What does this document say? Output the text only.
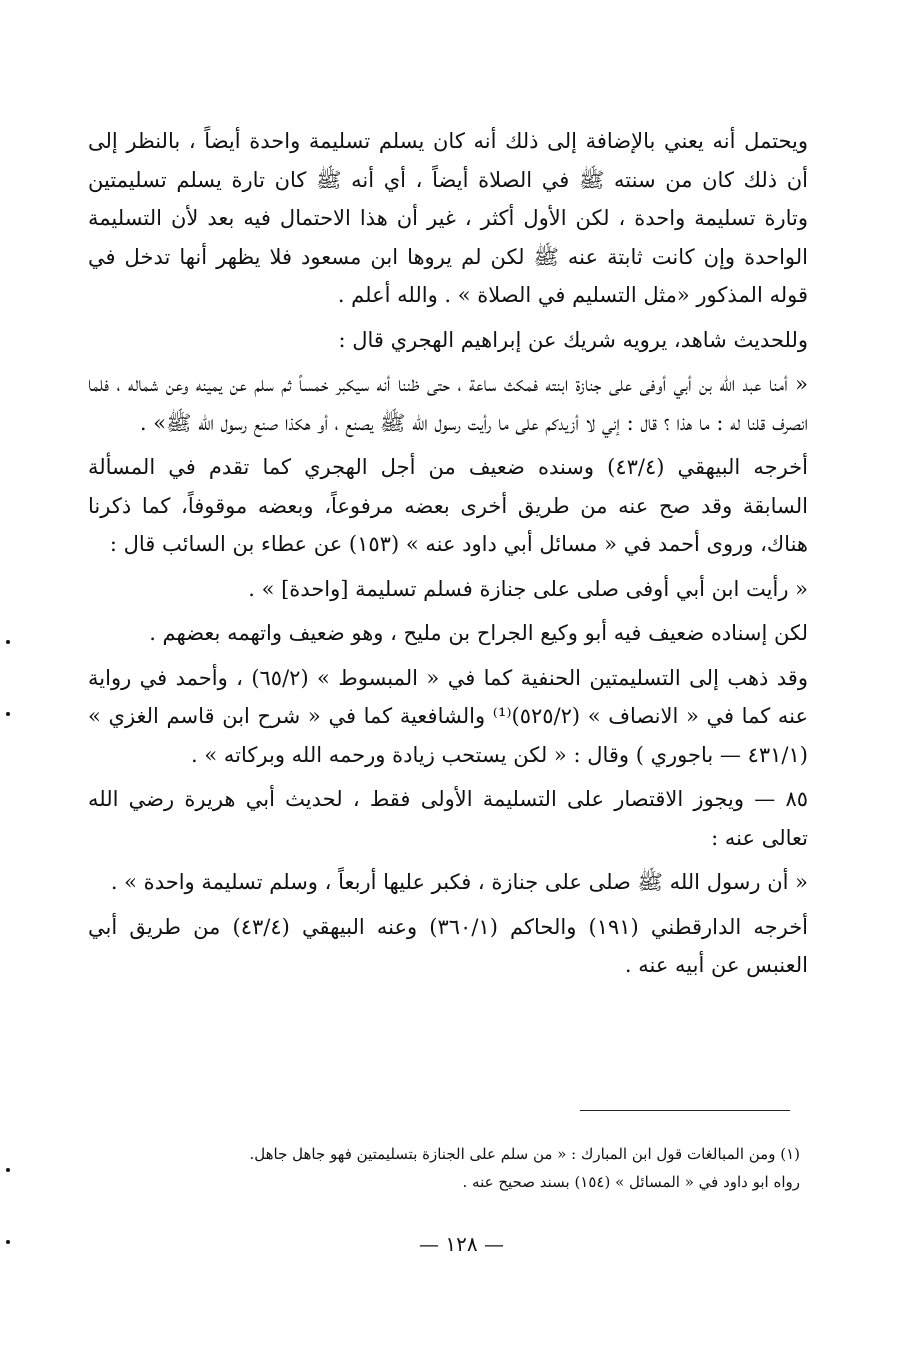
ويحتمل أنه يعني بالإضافة إلى ذلك أنه كان يسلم تسليمة واحدة أيضاً ، بالنظر إلى أن ذلك كان من سنته ﷺ في الصلاة أيضاً ، أي أنه ﷺ كان تارة يسلم تسليمتين وتارة تسليمة واحدة ، لكن الأول أكثر ، غير أن هذا الاحتمال فيه بعد لأن التسليمة الواحدة وإن كانت ثابتة عنه ﷺ لكن لم يروها ابن مسعود فلا يظهر أنها تدخل في قوله المذكور «مثل التسليم في الصلاة » . والله أعلم .

وللحديث شاهد، يرويه شريك عن إبراهيم الهجري قال :

« أمنا عبد الله بن أبي أوفى على جنازة ابنته فمكث ساعة ، حتى ظننا أنه سيكبر خمساً ثم سلم عن يمينه وعن شماله ، فلما انصرف قلنا له : ما هذا ؟ قال : إني لا أزيدكم على ما رأيت رسول الله ﷺ يصنع ، أو هكذا صنع رسول الله ﷺ» .

أخرجه البيهقي (٤٣/٤) وسنده ضعيف من أجل الهجري كما تقدم في المسألة السابقة وقد صح عنه من طريق أخرى بعضه مرفوعاً، وبعضه موقوفاً، كما ذكرنا هناك، وروى أحمد في « مسائل أبي داود عنه » (١٥٣) عن عطاء بن السائب قال :

« رأيت ابن أبي أوفى صلى على جنازة فسلم تسليمة [واحدة] » .

لكن إسناده ضعيف فيه أبو وكيع الجراح بن مليح ، وهو ضعيف واتهمه بعضهم .

وقد ذهب إلى التسليمتين الحنفية كما في « المبسوط » (٦٥/٢) ، وأحمد في رواية عنه كما في « الانصاف » (٥٢٥/٢)⁽¹⁾ والشافعية كما في « شرح ابن قاسم الغزي » (٤٣١/١ — باجوري ) وقال : « لكن يستحب زيادة ورحمه الله وبركاته » .

٨٥ — ويجوز الاقتصار على التسليمة الأولى فقط ، لحديث أبي هريرة رضي الله تعالى عنه :

« أن رسول الله ﷺ صلى على جنازة ، فكبر عليها أربعاً ، وسلم تسليمة واحدة » .

أخرجه الدارقطني (١٩١) والحاكم (٣٦٠/١) وعنه البيهقي (٤٣/٤) من طريق أبي العنبس عن أبيه عنه .

(١) ومن المبالغات قول ابن المبارك : « من سلم على الجنازة بتسليمتين فهو جاهل جاهل.
رواه ابو داود في « المسائل » (١٥٤) بسند صحيح عنه .
— ١٢٨ —
